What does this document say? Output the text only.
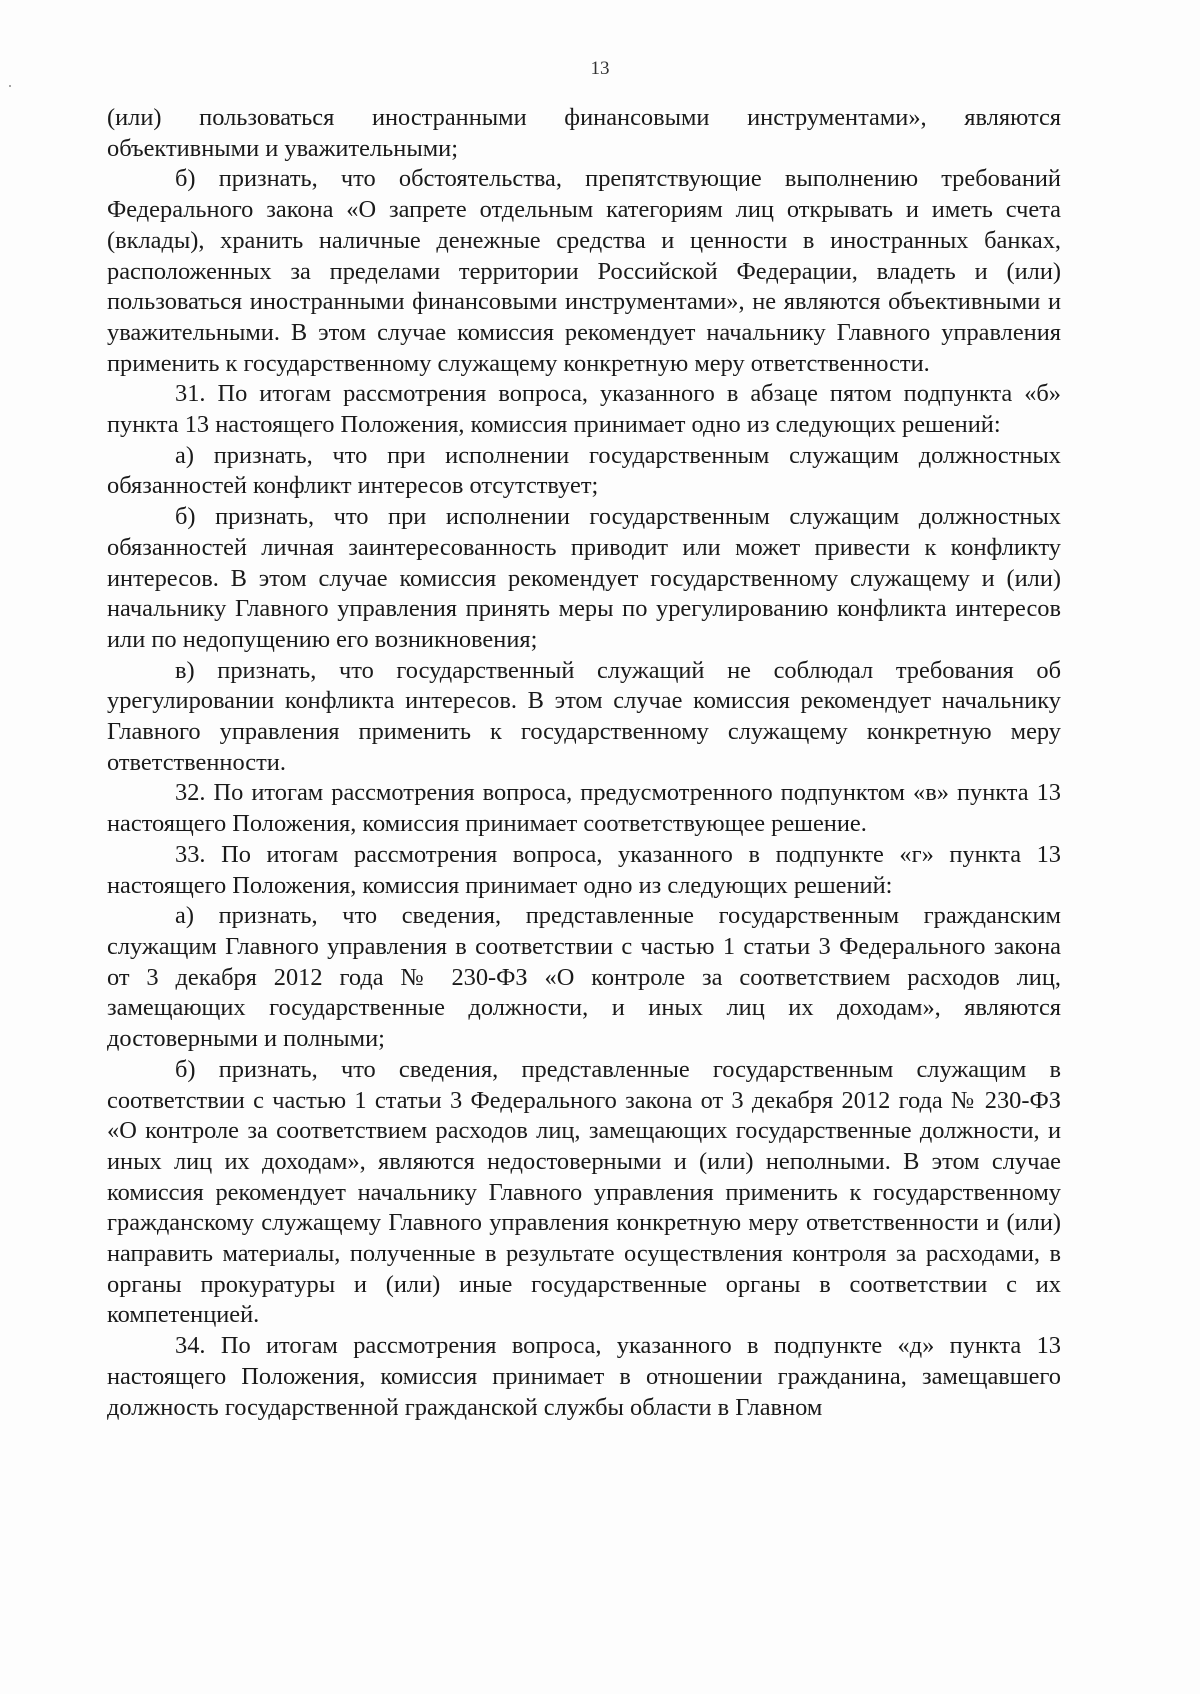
13

(или) пользоваться иностранными финансовыми инструментами», являются объективными и уважительными;

б) признать, что обстоятельства, препятствующие выполнению требований Федерального закона «О запрете отдельным категориям лиц открывать и иметь счета (вклады), хранить наличные денежные средства и ценности в иностранных банках, расположенных за пределами территории Российской Федерации, владеть и (или) пользоваться иностранными финансовыми инструментами», не являются объективными и уважительными. В этом случае комиссия рекомендует начальнику Главного управления применить к государственному служащему конкретную меру ответственности.

31. По итогам рассмотрения вопроса, указанного в абзаце пятом подпункта «б» пункта 13 настоящего Положения, комиссия принимает одно из следующих решений:

а) признать, что при исполнении государственным служащим должностных обязанностей конфликт интересов отсутствует;

б) признать, что при исполнении государственным служащим должностных обязанностей личная заинтересованность приводит или может привести к конфликту интересов. В этом случае комиссия рекомендует государственному служащему и (или) начальнику Главного управления принять меры по урегулированию конфликта интересов или по недопущению его возникновения;

в) признать, что государственный служащий не соблюдал требования об урегулировании конфликта интересов. В этом случае комиссия рекомендует начальнику Главного управления применить к государственному служащему конкретную меру ответственности.

32. По итогам рассмотрения вопроса, предусмотренного подпунктом «в» пункта 13 настоящего Положения, комиссия принимает соответствующее решение.

33. По итогам рассмотрения вопроса, указанного в подпункте «г» пункта 13 настоящего Положения, комиссия принимает одно из следующих решений:

а) признать, что сведения, представленные государственным гражданским служащим Главного управления в соответствии с частью 1 статьи 3 Федерального закона от 3 декабря 2012 года № 230-ФЗ «О контроле за соответствием расходов лиц, замещающих государственные должности, и иных лиц их доходам», являются достоверными и полными;

б) признать, что сведения, представленные государственным служащим в соответствии с частью 1 статьи 3 Федерального закона от 3 декабря 2012 года № 230-ФЗ «О контроле за соответствием расходов лиц, замещающих государственные должности, и иных лиц их доходам», являются недостоверными и (или) неполными. В этом случае комиссия рекомендует начальнику Главного управления применить к государственному гражданскому служащему Главного управления конкретную меру ответственности и (или) направить материалы, полученные в результате осуществления контроля за расходами, в органы прокуратуры и (или) иные государственные органы в соответствии с их компетенцией.

34. По итогам рассмотрения вопроса, указанного в подпункте «д» пункта 13 настоящего Положения, комиссия принимает в отношении гражданина, замещавшего должность государственной гражданской службы области в Главном
